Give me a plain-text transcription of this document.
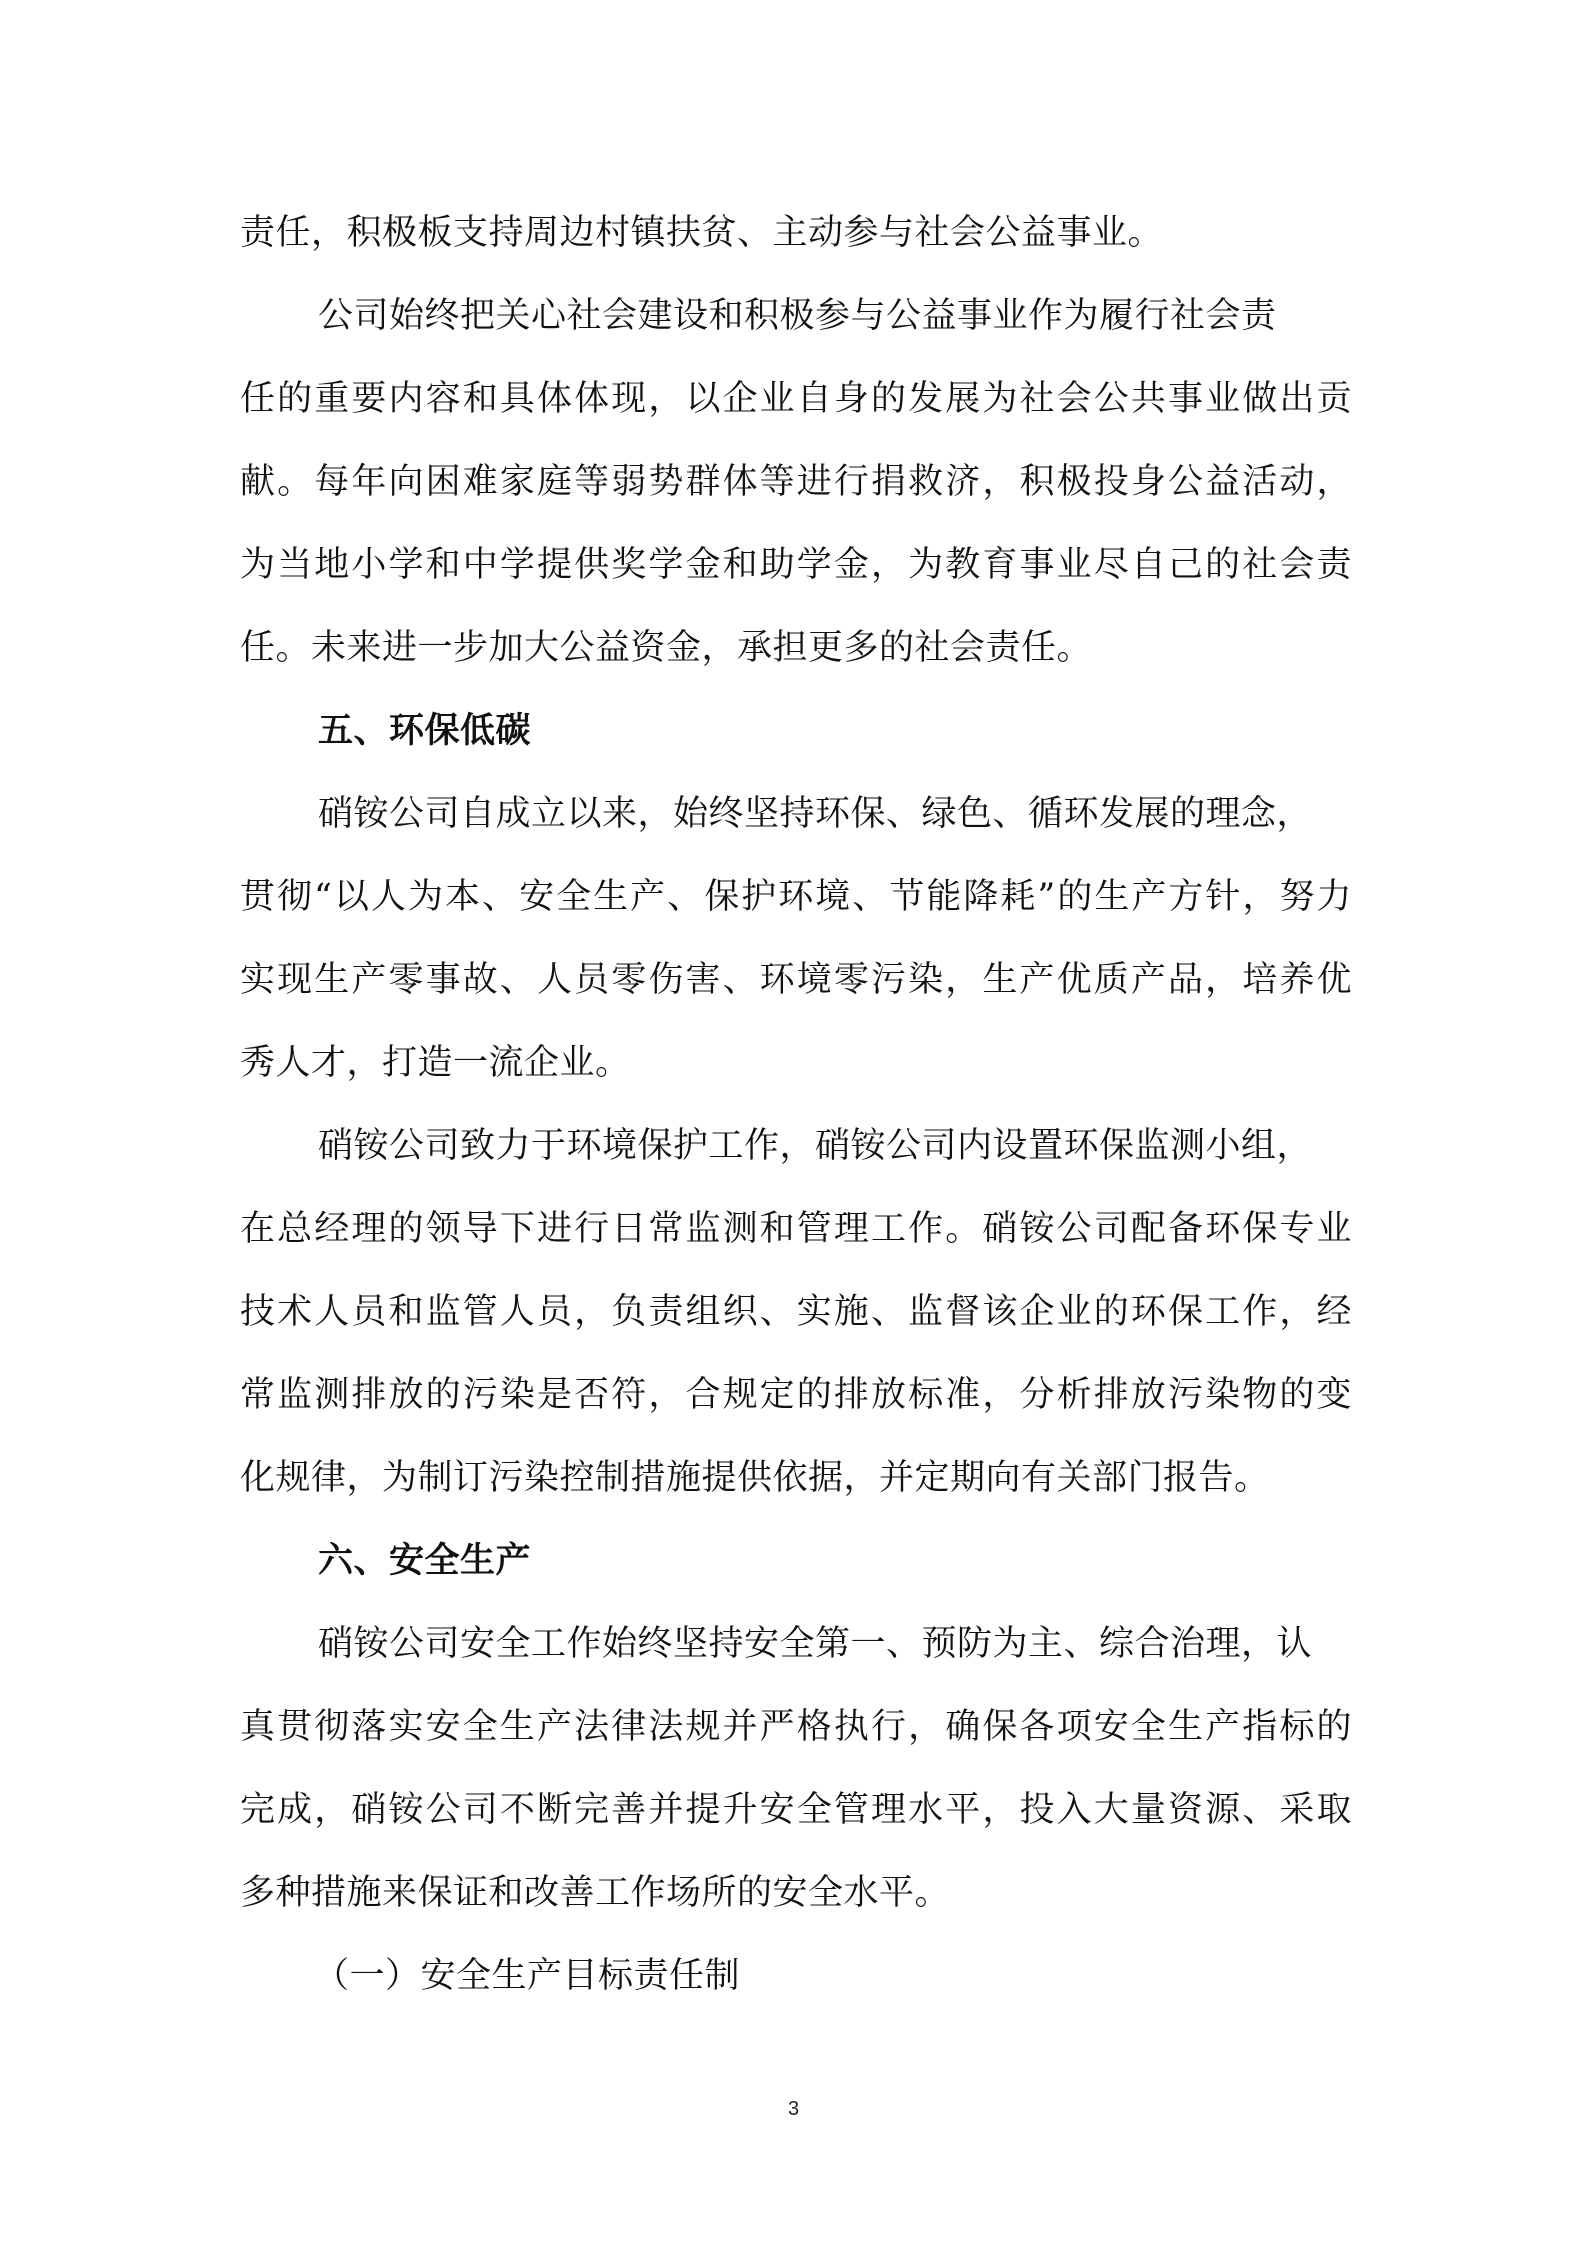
责任，积极板支持周边村镇扶贫、主动参与社会公益事业。
公司始终把关心社会建设和积极参与公益事业作为履行社会责
任的重要内容和具体体现，以企业自身的发展为社会公共事业做出贡
献。每年向困难家庭等弱势群体等进行捐救济，积极投身公益活动，
为当地小学和中学提供奖学金和助学金，为教育事业尽自己的社会责
任。未来进一步加大公益资金，承担更多的社会责任。
五、环保低碳
硝铵公司自成立以来，始终坚持环保、绿色、循环发展的理念，
贯彻“以人为本、安全生产、保护环境、节能降耗”的生产方针，努力
实现生产零事故、人员零伤害、环境零污染，生产优质产品，培养优
秀人才，打造一流企业。
硝铵公司致力于环境保护工作，硝铵公司内设置环保监测小组，
在总经理的领导下进行日常监测和管理工作。硝铵公司配备环保专业
技术人员和监管人员，负责组织、实施、监督该企业的环保工作，经
常监测排放的污染是否符，合规定的排放标准，分析排放污染物的变
化规律，为制订污染控制措施提供依据，并定期向有关部门报告。
六、安全生产
硝铵公司安全工作始终坚持安全第一、预防为主、综合治理，认
真贯彻落实安全生产法律法规并严格执行，确保各项安全生产指标的
完成，硝铵公司不断完善并提升安全管理水平，投入大量资源、采取
多种措施来保证和改善工作场所的安全水平。
（一）安全生产目标责任制
3
